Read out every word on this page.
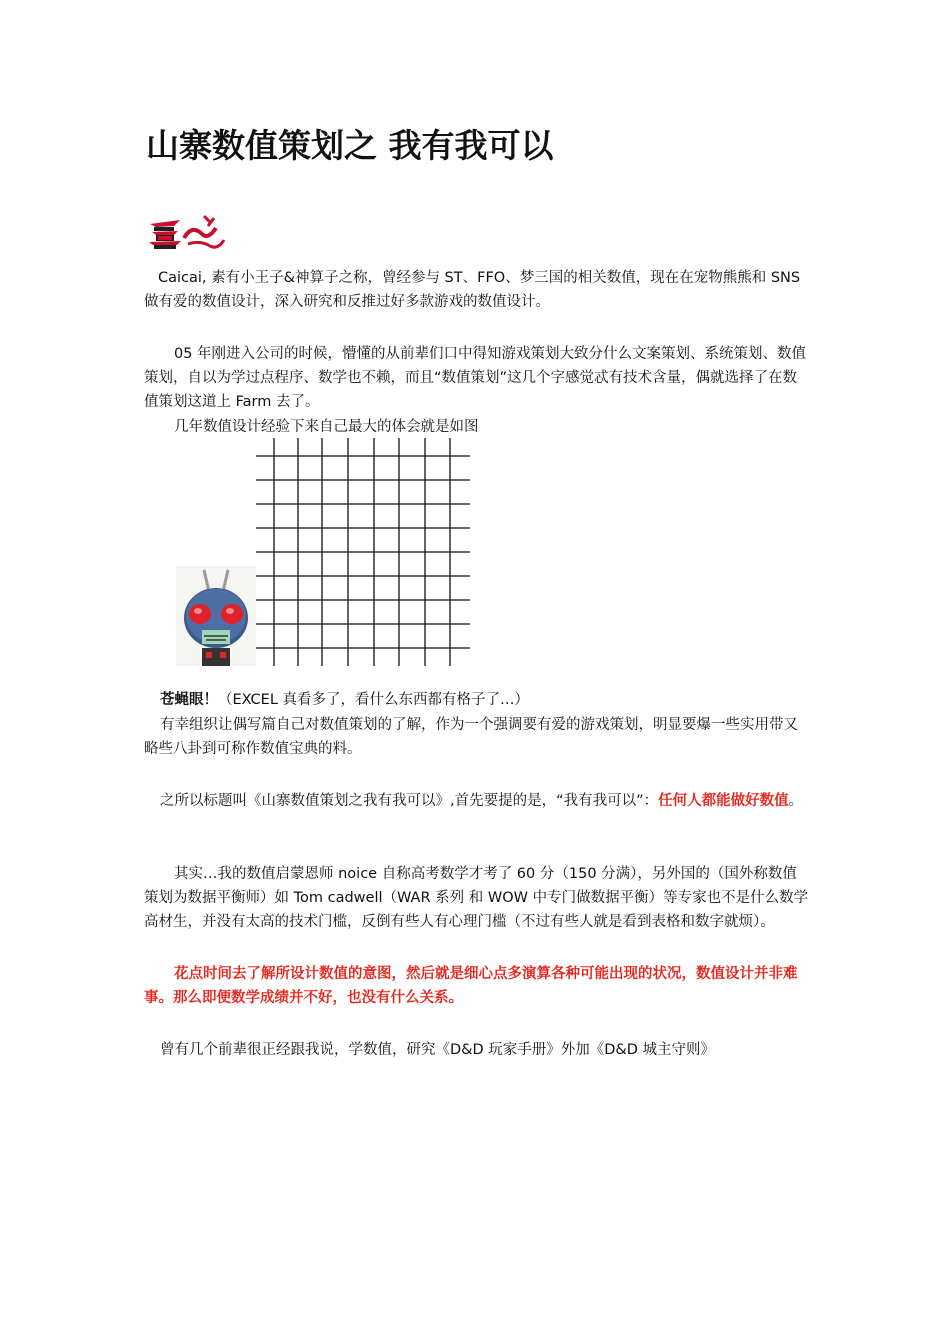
山寨数值策划之 我有我可以

Caicai, 素有小王子&神算子之称，曾经参与 ST、FFO、梦三国的相关数值，现在在宠物熊熊和 SNS 做有爱的数值设计，深入研究和反推过好多款游戏的数值设计。

05 年刚进入公司的时候，懵懂的从前辈们口中得知游戏策划大致分什么文案策划、系统策划、数值策划，自以为学过点程序、数学也不赖，而且“数值策划”这几个字感觉忒有技术含量，偶就选择了在数值策划这道上 Farm 去了。

几年数值设计经验下来自己最大的体会就是如图

苍蝇眼！（EXCEL 真看多了，看什么东西都有格子了…）

有幸组织让偶写篇自己对数值策划的了解，作为一个强调要有爱的游戏策划，明显要爆一些实用带又略些八卦到可称作数值宝典的料。

之所以标题叫《山寨数值策划之我有我可以》,首先要提的是，“我有我可以”：任何人都能做好数值。

其实…我的数值启蒙恩师 noice 自称高考数学才考了 60 分（150 分满），另外国的（国外称数值策划为数据平衡师）如 Tom cadwell（WAR 系列 和 WOW 中专门做数据平衡）等专家也不是什么数学高材生，并没有太高的技术门槛，反倒有些人有心理门槛（不过有些人就是看到表格和数字就烦）。

花点时间去了解所设计数值的意图，然后就是细心点多演算各种可能出现的状况，数值设计并非难事。那么即便数学成绩并不好，也没有什么关系。

曾有几个前辈很正经跟我说，学数值，研究《D&D 玩家手册》外加《D&D 城主守则》
